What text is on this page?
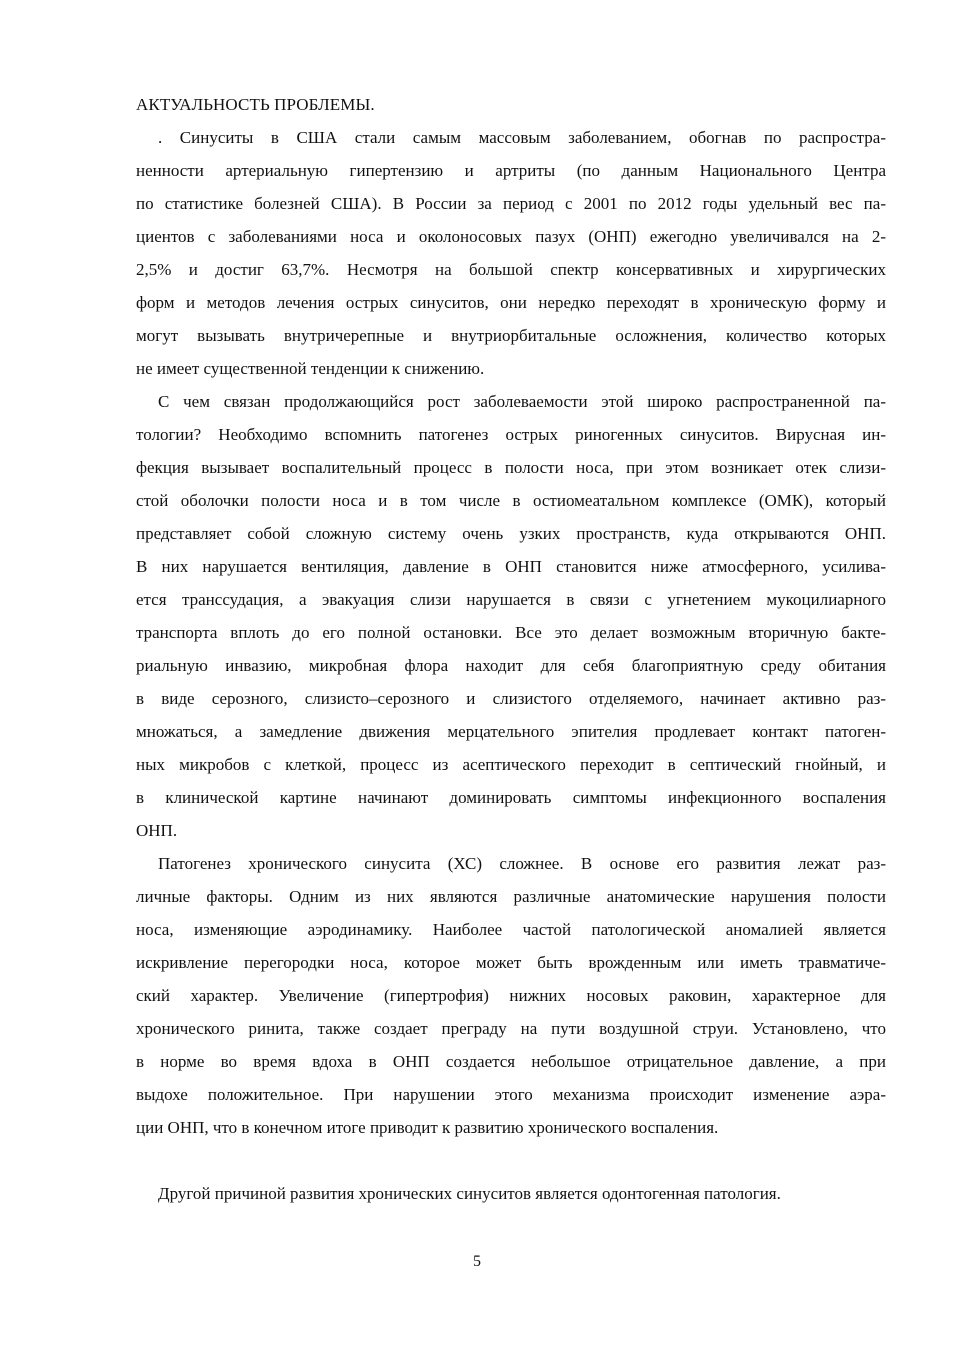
АКТУАЛЬНОСТЬ ПРОБЛЕМЫ.
. Синуситы в США стали самым массовым заболеванием, обогнав по распростра-
ненности артериальную гипертензию и артриты (по данным Национального Центра
по статистике болезней США). В России за период с 2001 по 2012 годы удельный вес па-
циентов с заболеваниями носа и околоносовых пазух (ОНП) ежегодно увеличивался на 2-
2,5% и достиг 63,7%. Несмотря на большой спектр консервативных и хирургических
форм и методов лечения острых синуситов, они нередко переходят в хроническую форму и
могут вызывать внутричерепные и внутриорбитальные осложнения, количество которых
не имеет существенной тенденции к снижению.
С чем связан продолжающийся рост заболеваемости этой широко распространенной па-
тологии? Необходимо вспомнить патогенез острых риногенных синуситов. Вирусная ин-
фекция вызывает воспалительный процесс в полости носа, при этом возникает отек слизи-
стой оболочки полости носа и в том числе в остиомеатальном комплексе (ОМК), который
представляет собой сложную систему очень узких пространств, куда открываются ОНП.
В них нарушается вентиляция, давление в ОНП становится ниже атмосферного, усилива-
ется транссудация, а эвакуация слизи нарушается в связи с угнетением мукоцилиарного
транспорта вплоть до его полной остановки. Все это делает возможным вторичную бакте-
риальную инвазию, микробная флора находит для себя благоприятную среду обитания
в виде серозного, слизисто–серозного и слизистого отделяемого, начинает активно раз-
множаться, а замедление движения мерцательного эпителия продлевает контакт патоген-
ных микробов с клеткой, процесс из асептического переходит в септический гнойный, и
в клинической картине начинают доминировать симптомы инфекционного воспаления
ОНП.
Патогенез хронического синусита (ХС) сложнее. В основе его развития лежат раз-
личные факторы. Одним из них являются различные анатомические нарушения полости
носа, изменяющие аэродинамику. Наиболее частой патологической аномалией является
искривление перегородки носа, которое может быть врожденным или иметь травматиче-
ский характер. Увеличение (гипертрофия) нижних носовых раковин, характерное для
хронического ринита, также создает преграду на пути воздушной струи. Установлено, что
в норме во время вдоха в ОНП создается небольшое отрицательное давление, а при
выдохе положительное. При нарушении этого механизма происходит изменение аэра-
ции ОНП, что в конечном итоге приводит к развитию хронического воспаления.
Другой причиной развития хронических синуситов является одонтогенная патология.
5
